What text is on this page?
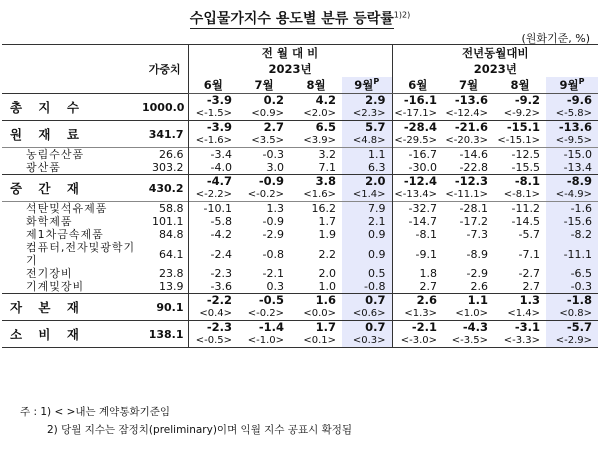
수입물가지수 용도별 분류 등락률$^{1)2)}$
(원화기준, %)
	가중치	전 월 대 비				전년동월대비			
		2023년				2023년			
		6월	7월	8월	9월$^P$	6월	7월	8월	9월$^P$
총 지 수	1000.0	-3.9	0.2	4.2	2.9	-16.1	-13.6	-9.2	-9.6
		<-1.5>	<0.9>	<2.0>	<2.3>	<-17.1>	<-12.4>	<-9.2>	<-5.8>
원 재 료	341.7	-3.9	2.7	6.5	5.7	-28.4	-21.6	-15.1	-13.6
		<-1.6>	<3.5>	<3.9>	<4.8>	<-29.5>	<-20.3>	<-15.1>	<-9.5>
농림수산품	26.6	-3.4	-0.3	3.2	1.1	-16.7	-14.6	-12.5	-15.0
광산품	303.2	-4.0	3.0	7.1	6.3	-30.0	-22.8	-15.5	-13.4
중 간 재	430.2	-4.7	-0.9	3.8	2.0	-12.4	-12.3	-8.1	-8.9
		<-2.2>	<-0.2>	<1.6>	<1.4>	<-13.4>	<-11.1>	<-8.1>	<-4.9>
석탄및석유제품	58.8	-10.1	1.3	16.2	7.9	-32.7	-28.1	-11.2	-1.6
화학제품	101.1	-5.8	-0.9	1.7	2.1	-14.7	-17.2	-14.5	-15.6
제1차금속제품	84.8	-4.2	-2.9	1.9	0.9	-8.1	-7.3	-5.7	-8.2
컴퓨터,전자및광학기기	64.1	-2.4	-0.8	2.2	0.9	-9.1	-8.9	-7.1	-11.1
전기장비	23.8	-2.3	-2.1	2.0	0.5	1.8	-2.9	-2.7	-6.5
기계및장비	13.9	-3.6	0.3	1.0	-0.8	2.7	2.6	2.7	-0.3
자 본 재	90.1	-2.2	-0.5	1.6	0.7	2.6	1.1	1.3	-1.8
		<0.4>	<-0.2>	<0.0>	<0.6>	<1.3>	<1.0>	<1.4>	<0.8>
소 비 재	138.1	-2.3	-1.4	1.7	0.7	-2.1	-4.3	-3.1	-5.7
		<-0.5>	<-1.0>	<0.1>	<0.3>	<-3.0>	<-3.5>	<-3.3>	<-2.9>
주 : 1) < >내는 계약통화기준임
2) 당월 지수는 잠정치(preliminary)이며 익월 지수 공표시 확정됨
